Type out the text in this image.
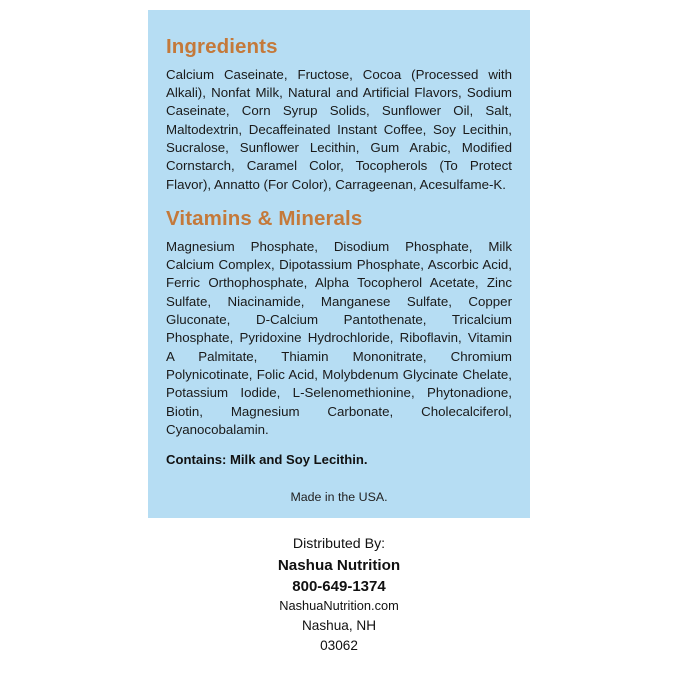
Ingredients

Calcium Caseinate, Fructose, Cocoa (Processed with Alkali), Nonfat Milk, Natural and Artificial Flavors, Sodium Caseinate, Corn Syrup Solids, Sunflower Oil, Salt, Maltodextrin, Decaffeinated Instant Coffee, Soy Lecithin, Sucralose, Sunflower Lecithin, Gum Arabic, Modified Cornstarch, Caramel Color, Tocopherols (To Protect Flavor), Annatto (For Color), Carrageenan, Acesulfame-K.

Vitamins & Minerals

Magnesium Phosphate, Disodium Phosphate, Milk Calcium Complex, Dipotassium Phosphate, Ascorbic Acid, Ferric Orthophosphate, Alpha Tocopherol Acetate, Zinc Sulfate, Niacinamide, Manganese Sulfate, Copper Gluconate, D-Calcium Pantothenate, Tricalcium Phosphate, Pyridoxine Hydrochloride, Riboflavin, Vitamin A Palmitate, Thiamin Mononitrate, Chromium Polynicotinate, Folic Acid, Molybdenum Glycinate Chelate, Potassium Iodide, L-Selenomethionine, Phytonadione, Biotin, Magnesium Carbonate, Cholecalciferol, Cyanocobalamin.

Contains: Milk and Soy Lecithin.

Made in the USA.
Distributed By:
Nashua Nutrition
800-649-1374
NashuaNutrition.com
Nashua, NH
03062
